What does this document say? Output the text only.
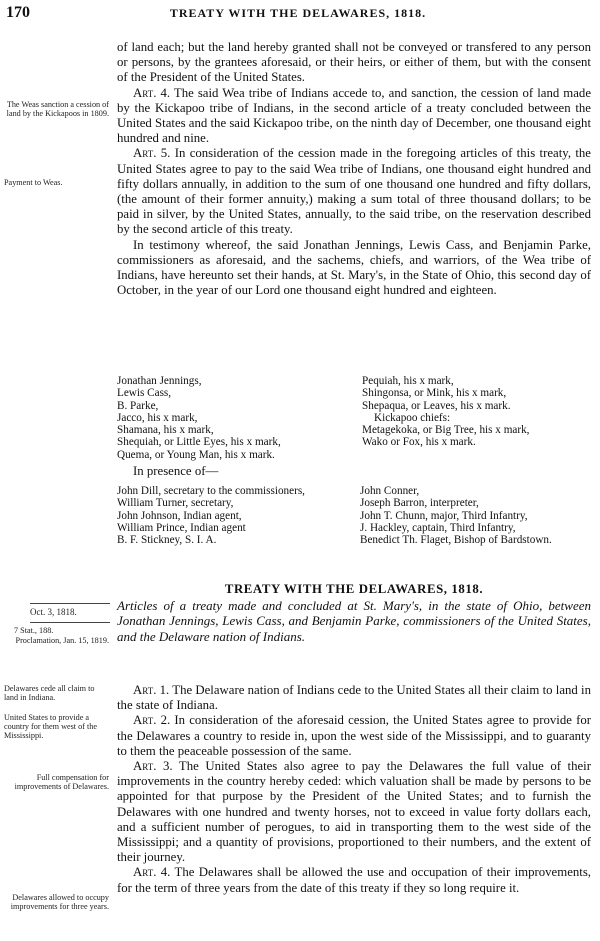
170	TREATY WITH THE DELAWARES, 1818.

of land each; but the land hereby granted shall not be conveyed or transfered to any person or persons, by the grantees aforesaid, or their heirs, or either of them, but with the consent of the President of the United States.

Art. 4. The said Wea tribe of Indians accede to, and sanction, the cession of land made by the Kickapoo tribe of Indians, in the second article of a treaty concluded between the United States and the said Kickapoo tribe, on the ninth day of December, one thousand eight hundred and nine.

Art. 5. In consideration of the cession made in the foregoing articles of this treaty, the United States agree to pay to the said Wea tribe of Indians, one thousand eight hundred and fifty dollars annually, in addition to the sum of one thousand one hundred and fifty dollars, (the amount of their former annuity,) making a sum total of three thousand dollars; to be paid in silver, by the United States, annually, to the said tribe, on the reservation described by the second article of this treaty.

In testimony whereof, the said Jonathan Jennings, Lewis Cass, and Benjamin Parke, commissioners as aforesaid, and the sachems, chiefs, and warriors, of the Wea tribe of Indians, have hereunto set their hands, at St. Mary's, in the State of Ohio, this second day of October, in the year of our Lord one thousand eight hundred and eighteen.

The Weas sanction a cession of land by the Kickapoos in 1809.
Payment to Weas.
Jonathan Jennings,
Lewis Cass,
B. Parke,
Jacco, his x mark,
Shamana, his x mark,
Shequiah, or Little Eyes, his x mark,
Quema, or Young Man, his x mark.
Pequiah, his x mark,
Shingonsa, or Mink, his x mark,
Shepaqua, or Leaves, his x mark.
Kickapoo chiefs:
Metagekoka, or Big Tree, his x mark,
Wako or Fox, his x mark.
In presence of—
John Dill, secretary to the commissioners,
William Turner, secretary,
John Johnson, Indian agent,
William Prince, Indian agent
B. F. Stickney, S. I. A.
John Conner,
Joseph Barron, interpreter,
John T. Chunn, major, Third Infantry,
J. Hackley, captain, Third Infantry,
Benedict Th. Flaget, Bishop of Bardstown.
TREATY WITH THE DELAWARES, 1818.
Oct. 3, 1818.
7 Stat., 188.
Proclamation, Jan. 15, 1819.
Articles of a treaty made and concluded at St. Mary's, in the state of Ohio, between Jonathan Jennings, Lewis Cass, and Benjamin Parke, commissioners of the United States, and the Delaware nation of Indians.

Art. 1. The Delaware nation of Indians cede to the United States all their claim to land in the state of Indiana.

Art. 2. In consideration of the aforesaid cession, the United States agree to provide for the Delawares a country to reside in, upon the west side of the Mississippi, and to guaranty to them the peaceable possession of the same.

Art. 3. The United States also agree to pay the Delawares the full value of their improvements in the country hereby ceded: which valuation shall be made by persons to be appointed for that purpose by the President of the United States; and to furnish the Delawares with one hundred and twenty horses, not to exceed in value forty dollars each, and a sufficient number of perogues, to aid in transporting them to the west side of the Mississippi; and a quantity of provisions, proportioned to their numbers, and the extent of their journey.

Art. 4. The Delawares shall be allowed the use and occupation of their improvements, for the term of three years from the date of this treaty if they so long require it.

Delawares cede all claim to land in Indiana.
United States to provide a country for them west of the Mississippi.
Full compensation for improvements of Delawares.
Delawares allowed to occupy improvements for three years.
